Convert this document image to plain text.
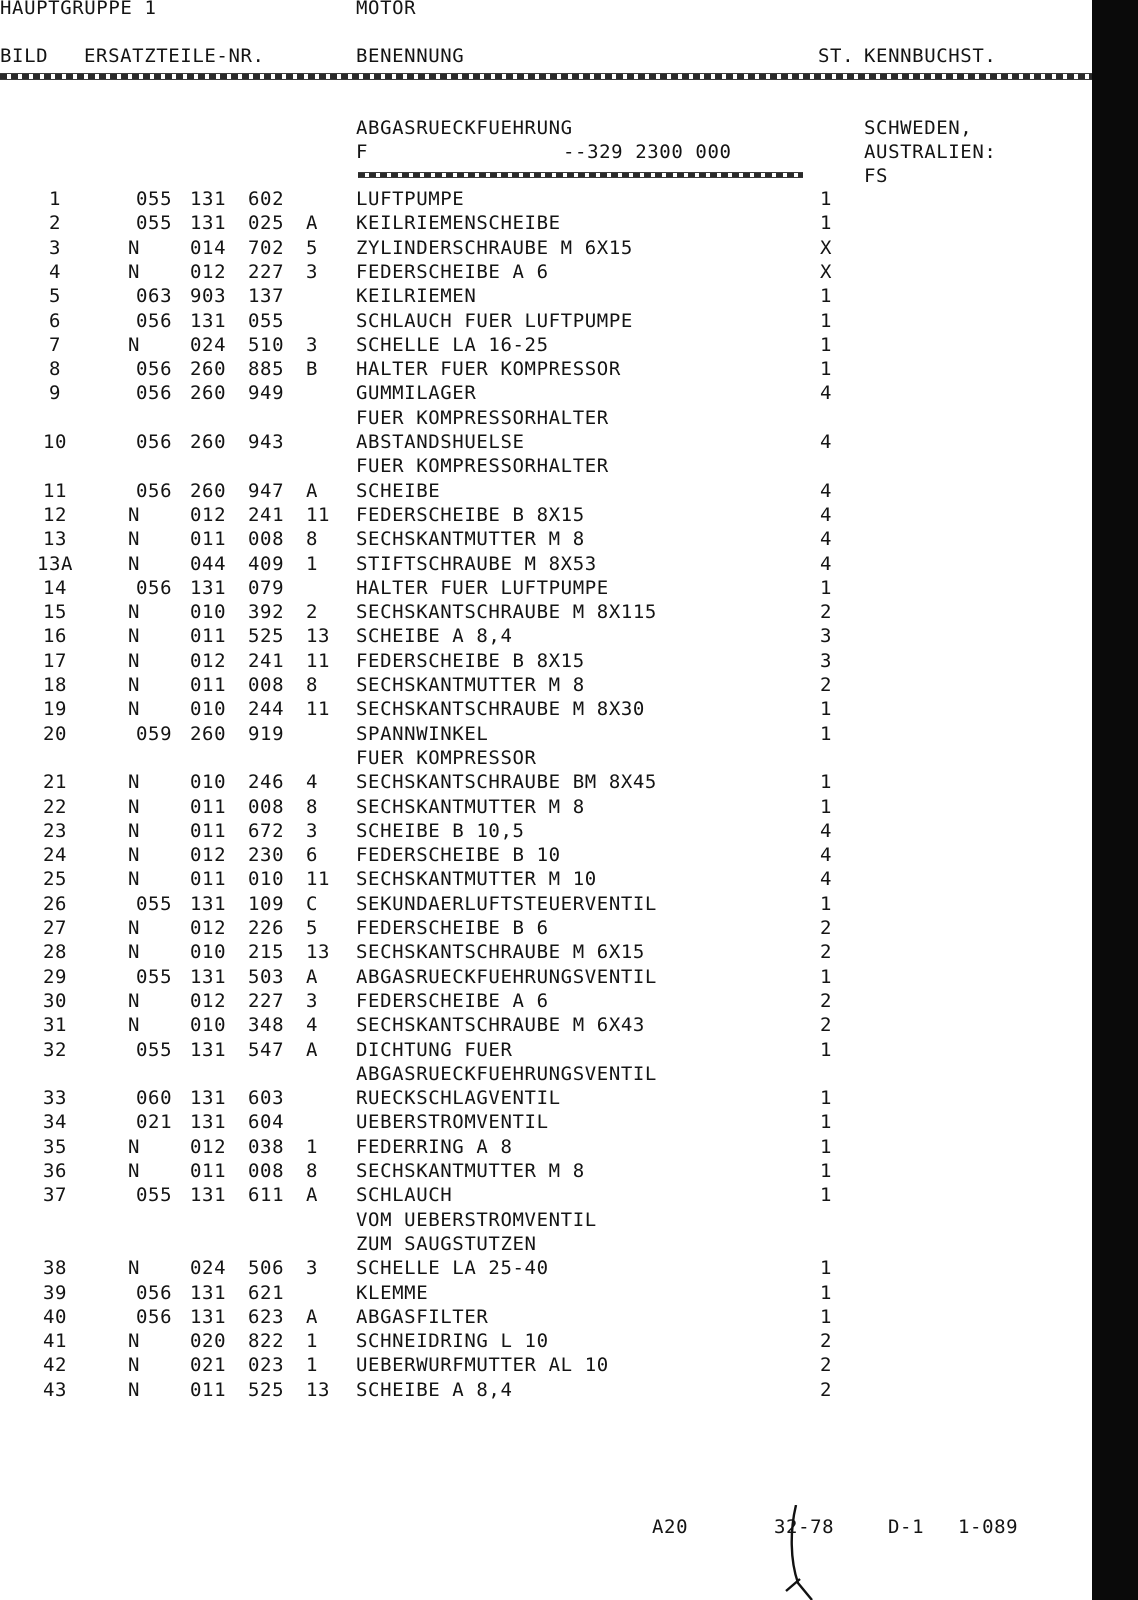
HAUPTGRUPPE 1	MOTOR
BILD ERSATZTEILE-NR.	BENENNUNG	ST. KENNBUCHST.
ABGASRUECKFUEHRUNG
F	--329 2300 000
SCHWEDEN,
AUSTRALIEN:
FS
1	055 131	602	LUFTPUMPE	1
2	055 131	025	A	KEILRIEMENSCHEIBE	1
3	N	014	702	5	ZYLINDERSCHRAUBE M 6X15	X
4	N	012	227	3	FEDERSCHEIBE A 6	X
5	063 903	137	KEILRIEMEN	1
6	056 131	055	SCHLAUCH FUER LUFTPUMPE	1
7	N	024	510	3	SCHELLE LA 16-25	1
8	056 260	885	B	HALTER FUER KOMPRESSOR	1
9	056 260	949	GUMMILAGER	4
FUER KOMPRESSORHALTER
10	056 260	943	ABSTANDSHUELSE	4
FUER KOMPRESSORHALTER
11	056 260	947	A	SCHEIBE	4
12	N	012	241	11	FEDERSCHEIBE B 8X15	4
13	N	011	008	8	SECHSKANTMUTTER M 8	4
13A	N	044	409	1	STIFTSCHRAUBE M 8X53	4
14	056 131	079	HALTER FUER LUFTPUMPE	1
15	N	010	392	2	SECHSKANTSCHRAUBE M 8X115	2
16	N	011	525	13	SCHEIBE A 8,4	3
17	N	012	241	11	FEDERSCHEIBE B 8X15	3
18	N	011	008	8	SECHSKANTMUTTER M 8	2
19	N	010	244	11	SECHSKANTSCHRAUBE M 8X30	1
20	059 260	919	SPANNWINKEL	1
FUER KOMPRESSOR
21	N	010	246	4	SECHSKANTSCHRAUBE BM 8X45	1
22	N	011	008	8	SECHSKANTMUTTER M 8	1
23	N	011	672	3	SCHEIBE B 10,5	4
24	N	012	230	6	FEDERSCHEIBE B 10	4
25	N	011	010	11	SECHSKANTMUTTER M 10	4
26	055 131	109	C	SEKUNDAERLUFTSTEUERVENTIL	1
27	N	012	226	5	FEDERSCHEIBE B 6	2
28	N	010	215	13	SECHSKANTSCHRAUBE M 6X15	2
29	055 131	503	A	ABGASRUECKFUEHRUNGSVENTIL	1
30	N	012	227	3	FEDERSCHEIBE A 6	2
31	N	010	348	4	SECHSKANTSCHRAUBE M 6X43	2
32	055 131	547	A	DICHTUNG FUER	1
ABGASRUECKFUEHRUNGSVENTIL
33	060 131	603	RUECKSCHLAGVENTIL	1
34	021 131	604	UEBERSTROMVENTIL	1
35	N	012	038	1	FEDERRING A 8	1
36	N	011	008	8	SECHSKANTMUTTER M 8	1
37	055 131	611	A	SCHLAUCH	1
VOM UEBERSTROMVENTIL
ZUM SAUGSTUTZEN
38	N	024	506	3	SCHELLE LA 25-40	1
39	056 131	621	KLEMME	1
40	056 131	623	A	ABGASFILTER	1
41	N	020	822	1	SCHNEIDRING L 10	2
42	N	021	023	1	UEBERWURFMUTTER AL 10	2
43	N	011	525	13	SCHEIBE A 8,4	2
A20	32-78	D-1 1-089
